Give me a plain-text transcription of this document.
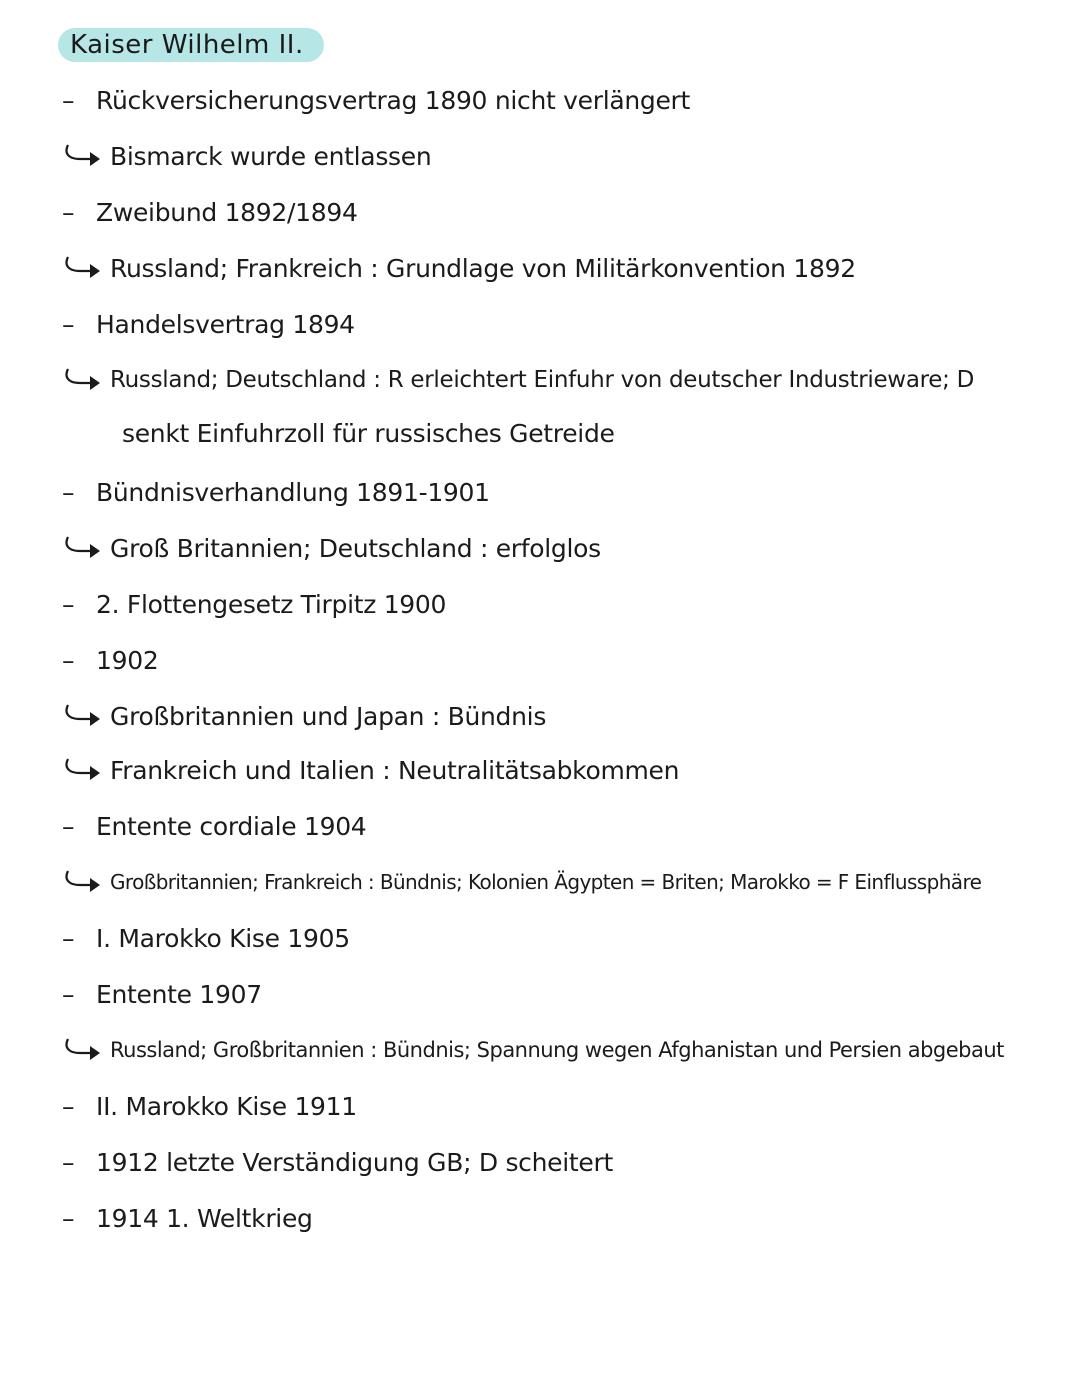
Kaiser Wilhelm II.
– Rückversicherungsvertrag 1890 nicht verlängert
Bismarck wurde entlassen
– Zweibund 1892/1894
Russland; Frankreich : Grundlage von Militärkonvention 1892
– Handelsvertrag 1894
Russland; Deutschland : R erleichtert Einfuhr von deutscher Industrieware; D
senkt Einfuhrzoll für russisches Getreide
– Bündnisverhandlung 1891-1901
Groß Britannien; Deutschland : erfolglos
– 2. Flottengesetz Tirpitz 1900
– 1902
Großbritannien und Japan : Bündnis
Frankreich und Italien : Neutralitätsabkommen
– Entente cordiale 1904
Großbritannien; Frankreich : Bündnis; Kolonien Ägypten = Briten; Marokko = F Einflussphäre
– I. Marokko Kise 1905
– Entente 1907
Russland; Großbritannien : Bündnis; Spannung wegen Afghanistan und Persien abgebaut
– II. Marokko Kise 1911
– 1912 letzte Verständigung GB; D scheitert
– 1914 1. Weltkrieg
